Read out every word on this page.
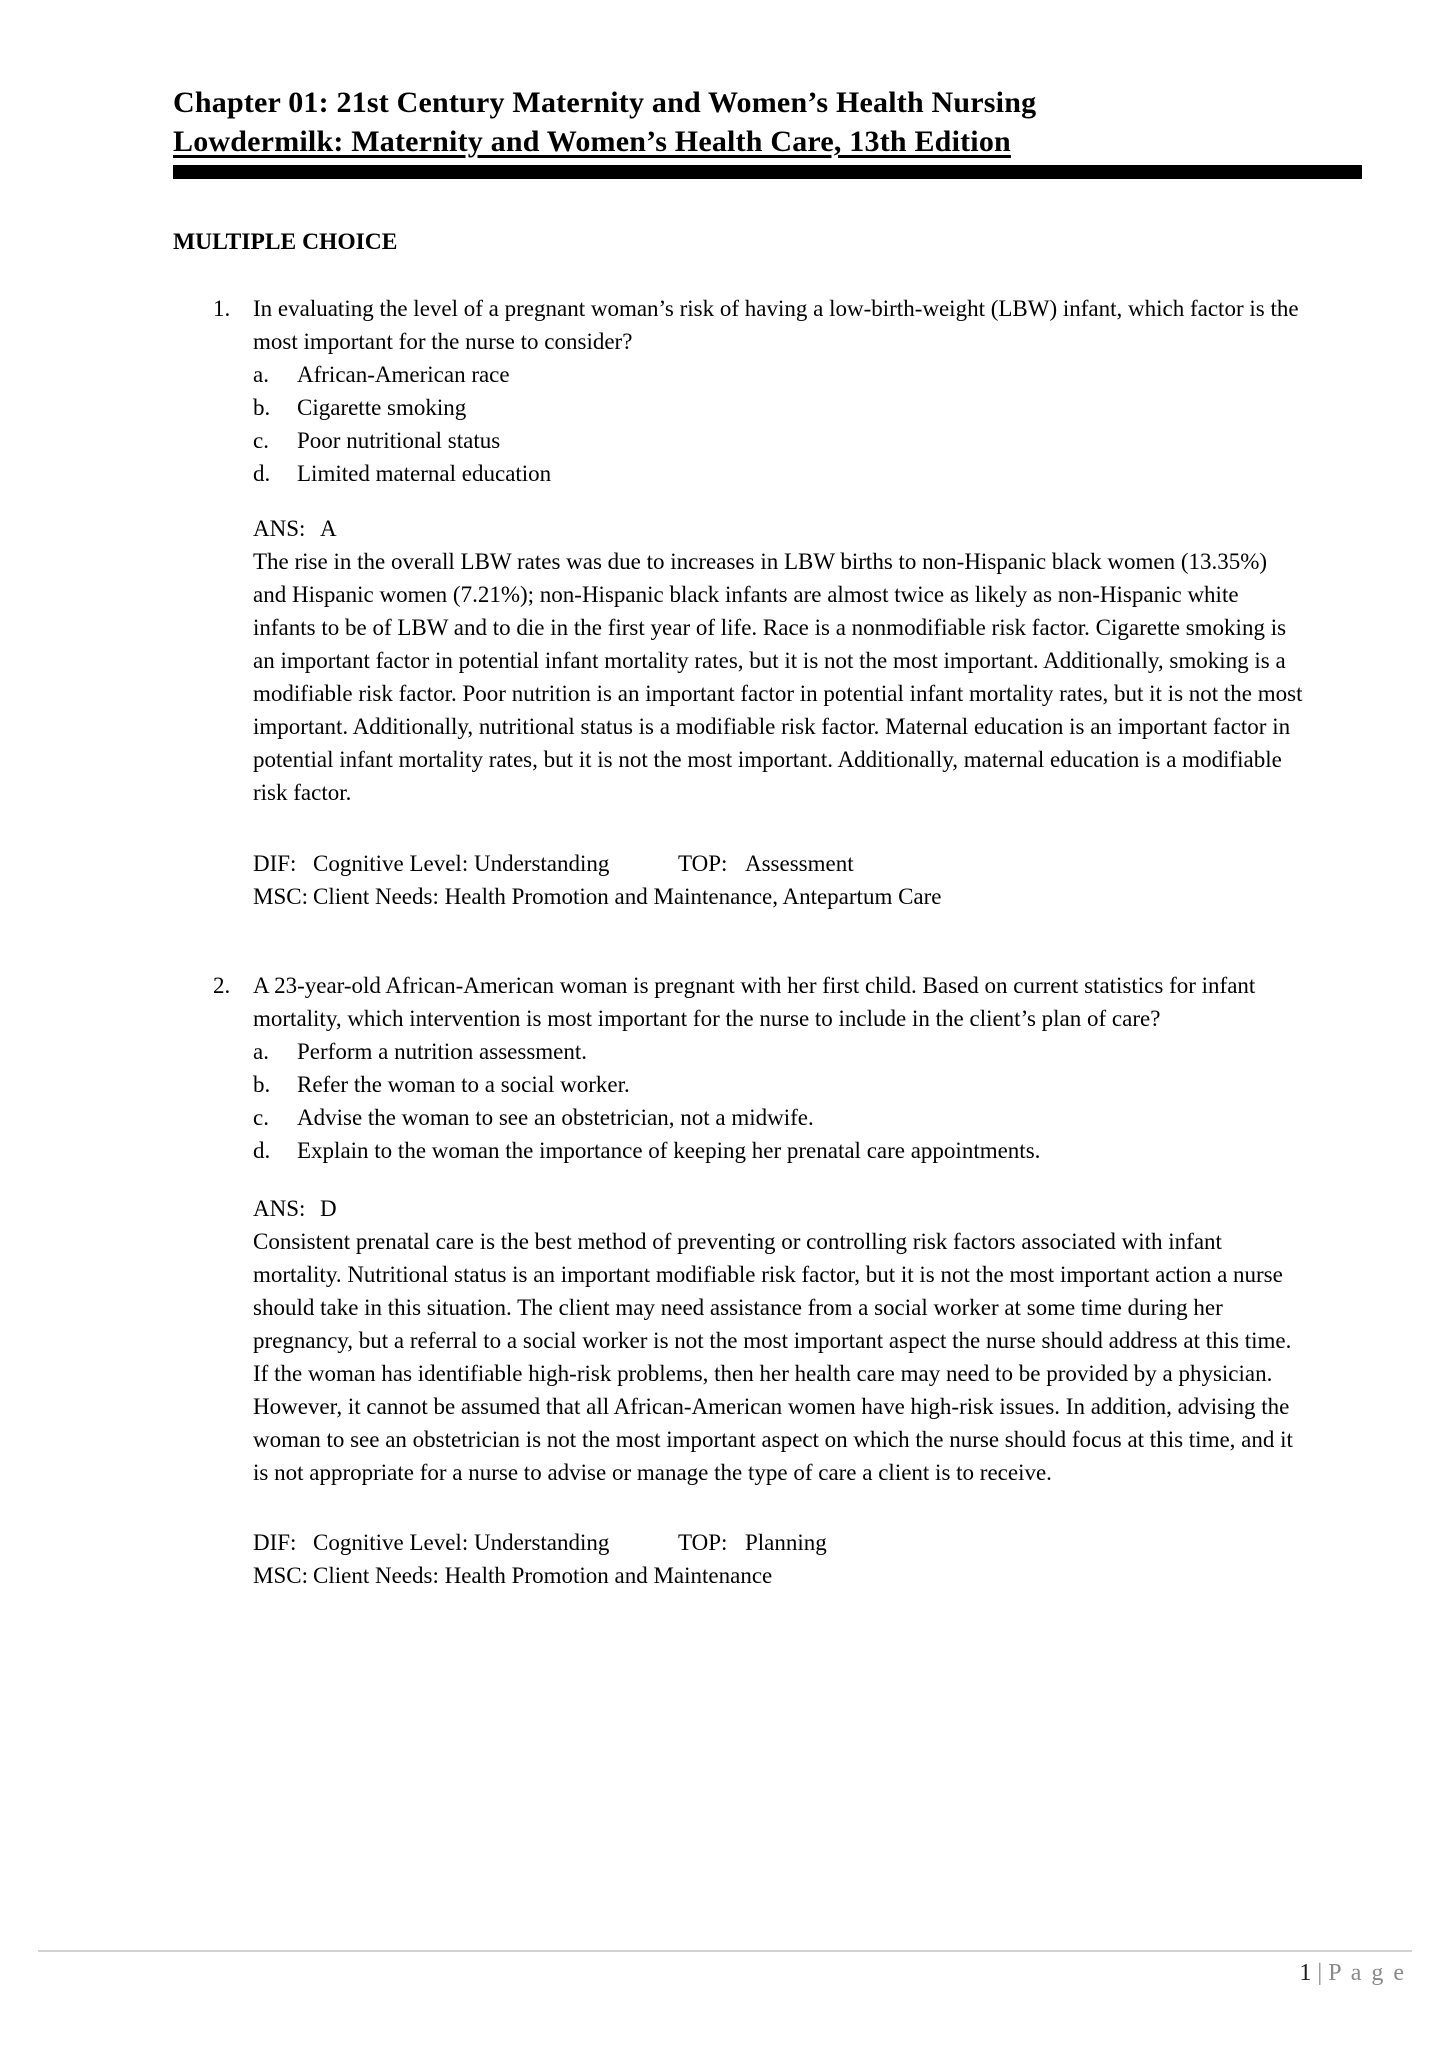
Chapter 01: 21st Century Maternity and Women’s Health Nursing
Lowdermilk: Maternity and Women’s Health Care, 13th Edition
MULTIPLE CHOICE
1. In evaluating the level of a pregnant woman’s risk of having a low-birth-weight (LBW) infant, which factor is the most important for the nurse to consider?
a. African-American race
b. Cigarette smoking
c. Poor nutritional status
d. Limited maternal education
ANS: A
The rise in the overall LBW rates was due to increases in LBW births to non-Hispanic black women (13.35%) and Hispanic women (7.21%); non-Hispanic black infants are almost twice as likely as non-Hispanic white infants to be of LBW and to die in the first year of life. Race is a nonmodifiable risk factor. Cigarette smoking is an important factor in potential infant mortality rates, but it is not the most important. Additionally, smoking is a modifiable risk factor. Poor nutrition is an important factor in potential infant mortality rates, but it is not the most important. Additionally, nutritional status is a modifiable risk factor. Maternal education is an important factor in potential infant mortality rates, but it is not the most important. Additionally, maternal education is a modifiable risk factor.
DIF: Cognitive Level: Understanding	TOP: Assessment
MSC: Client Needs: Health Promotion and Maintenance, Antepartum Care
2. A 23-year-old African-American woman is pregnant with her first child. Based on current statistics for infant mortality, which intervention is most important for the nurse to include in the client’s plan of care?
a. Perform a nutrition assessment.
b. Refer the woman to a social worker.
c. Advise the woman to see an obstetrician, not a midwife.
d. Explain to the woman the importance of keeping her prenatal care appointments.
ANS: D
Consistent prenatal care is the best method of preventing or controlling risk factors associated with infant mortality. Nutritional status is an important modifiable risk factor, but it is not the most important action a nurse should take in this situation. The client may need assistance from a social worker at some time during her pregnancy, but a referral to a social worker is not the most important aspect the nurse should address at this time. If the woman has identifiable high-risk problems, then her health care may need to be provided by a physician. However, it cannot be assumed that all African-American women have high-risk issues. In addition, advising the woman to see an obstetrician is not the most important aspect on which the nurse should focus at this time, and it is not appropriate for a nurse to advise or manage the type of care a client is to receive.
DIF: Cognitive Level: Understanding	TOP: Planning
MSC: Client Needs: Health Promotion and Maintenance
1 | P a g e
